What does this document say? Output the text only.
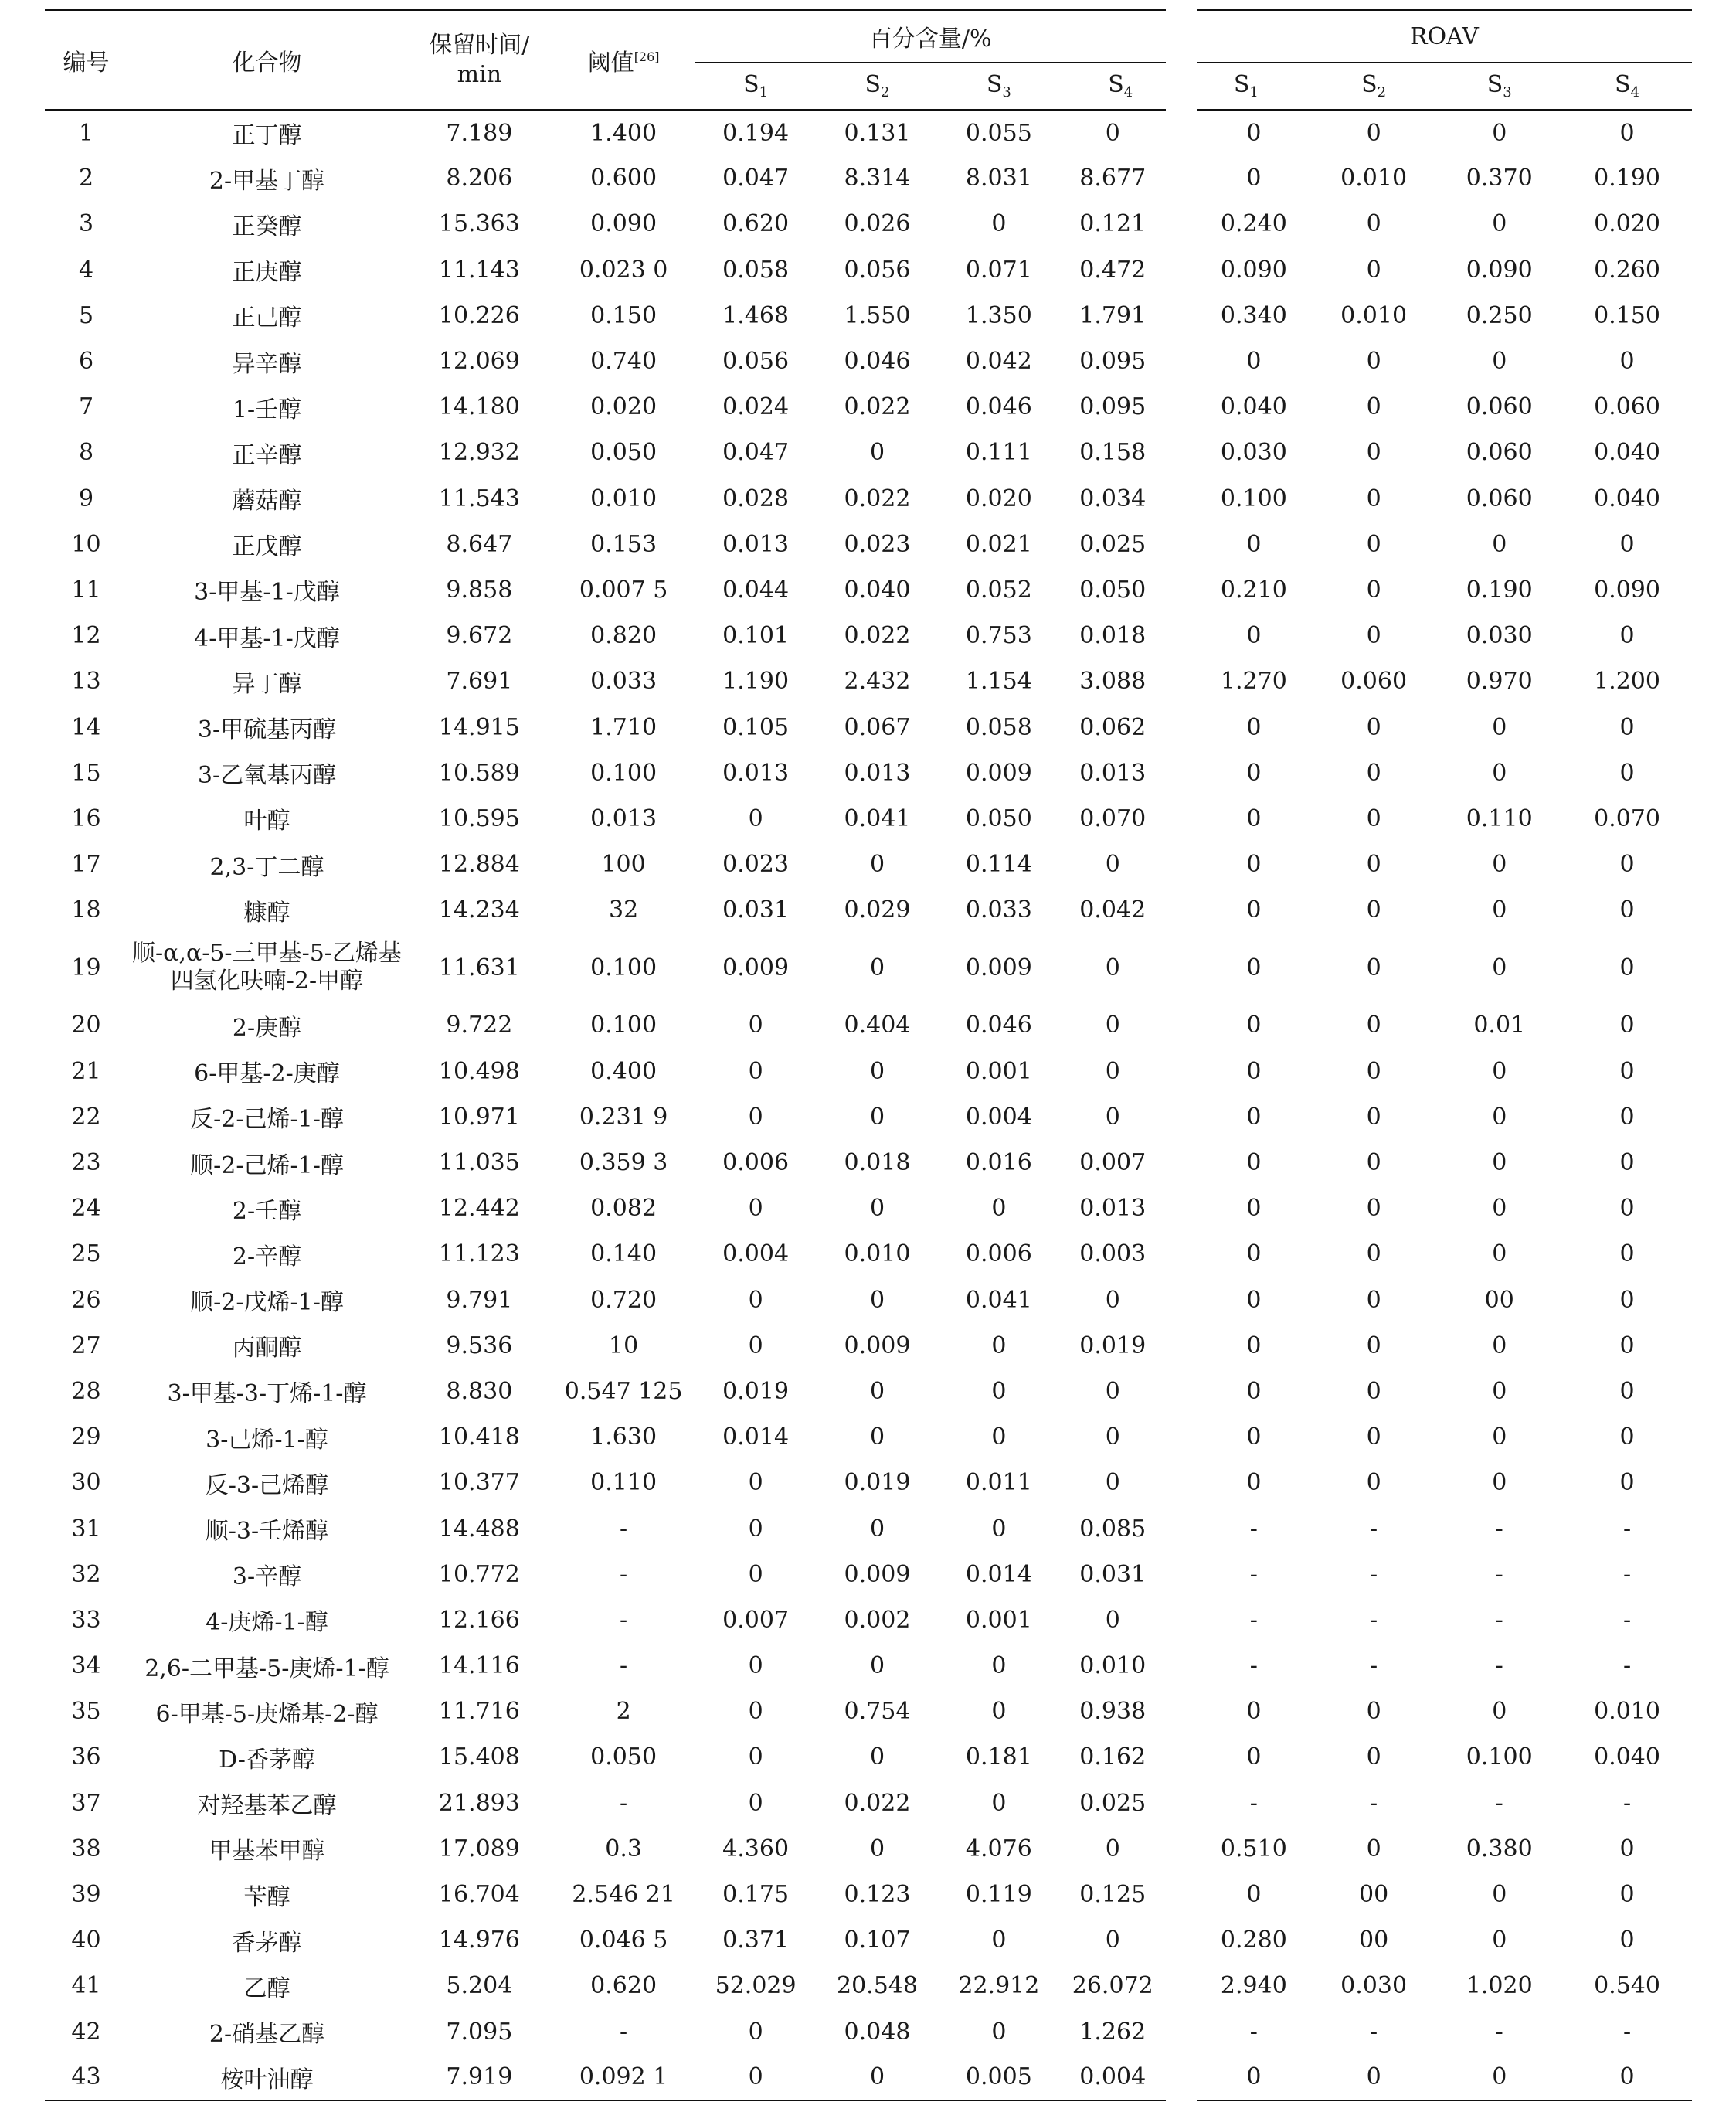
编号	化合物	保留时间/
min	阈值[26]	百分含量/%				ROAV			
				$S_1$	$S_2$	$S_3$	$S_4$	$S_1$	$S_2$	$S_3$	$S_4$
1	正丁醇	7.189	1.400	0.194	0.131	0.055	0	0	0	0	0
2	2-甲基丁醇	8.206	0.600	0.047	8.314	8.031	8.677	0	0.010	0.370	0.190
3	正癸醇	15.363	0.090	0.620	0.026	0	0.121	0.240	0	0	0.020
4	正庚醇	11.143	0.023 0	0.058	0.056	0.071	0.472	0.090	0	0.090	0.260
5	正己醇	10.226	0.150	1.468	1.550	1.350	1.791	0.340	0.010	0.250	0.150
6	异辛醇	12.069	0.740	0.056	0.046	0.042	0.095	0	0	0	0
7	1-壬醇	14.180	0.020	0.024	0.022	0.046	0.095	0.040	0	0.060	0.060
8	正辛醇	12.932	0.050	0.047	0	0.111	0.158	0.030	0	0.060	0.040
9	蘑菇醇	11.543	0.010	0.028	0.022	0.020	0.034	0.100	0	0.060	0.040
10	正戊醇	8.647	0.153	0.013	0.023	0.021	0.025	0	0	0	0
11	3-甲基-1-戊醇	9.858	0.007 5	0.044	0.040	0.052	0.050	0.210	0	0.190	0.090
12	4-甲基-1-戊醇	9.672	0.820	0.101	0.022	0.753	0.018	0	0	0.030	0
13	异丁醇	7.691	0.033	1.190	2.432	1.154	3.088	1.270	0.060	0.970	1.200
14	3-甲硫基丙醇	14.915	1.710	0.105	0.067	0.058	0.062	0	0	0	0
15	3-乙氧基丙醇	10.589	0.100	0.013	0.013	0.009	0.013	0	0	0	0
16	叶醇	10.595	0.013	0	0.041	0.050	0.070	0	0	0.110	0.070
17	2,3-丁二醇	12.884	100	0.023	0	0.114	0	0	0	0	0
18	糠醇	14.234	32	0.031	0.029	0.033	0.042	0	0	0	0
19	顺-α,α-5-三甲基-5-乙烯基
四氢化呋喃-2-甲醇	11.631	0.100	0.009	0	0.009	0	0	0	0	0
20	2-庚醇	9.722	0.100	0	0.404	0.046	0	0	0	0.01	0
21	6-甲基-2-庚醇	10.498	0.400	0	0	0.001	0	0	0	0	0
22	反-2-己烯-1-醇	10.971	0.231 9	0	0	0.004	0	0	0	0	0
23	顺-2-己烯-1-醇	11.035	0.359 3	0.006	0.018	0.016	0.007	0	0	0	0
24	2-壬醇	12.442	0.082	0	0	0	0.013	0	0	0	0
25	2-辛醇	11.123	0.140	0.004	0.010	0.006	0.003	0	0	0	0
26	顺-2-戊烯-1-醇	9.791	0.720	0	0	0.041	0	0	0	00	0
27	丙酮醇	9.536	10	0	0.009	0	0.019	0	0	0	0
28	3-甲基-3-丁烯-1-醇	8.830	0.547 125	0.019	0	0	0	0	0	0	0
29	3-己烯-1-醇	10.418	1.630	0.014	0	0	0	0	0	0	0
30	反-3-己烯醇	10.377	0.110	0	0.019	0.011	0	0	0	0	0
31	顺-3-壬烯醇	14.488	-	0	0	0	0.085	-	-	-	-
32	3-辛醇	10.772	-	0	0.009	0.014	0.031	-	-	-	-
33	4-庚烯-1-醇	12.166	-	0.007	0.002	0.001	0	-	-	-	-
34	2,6-二甲基-5-庚烯-1-醇	14.116	-	0	0	0	0.010	-	-	-	-
35	6-甲基-5-庚烯基-2-醇	11.716	2	0	0.754	0	0.938	0	0	0	0.010
36	D-香茅醇	15.408	0.050	0	0	0.181	0.162	0	0	0.100	0.040
37	对羟基苯乙醇	21.893	-	0	0.022	0	0.025	-	-	-	-
38	甲基苯甲醇	17.089	0.3	4.360	0	4.076	0	0.510	0	0.380	0
39	苄醇	16.704	2.546 21	0.175	0.123	0.119	0.125	0	00	0	0
40	香茅醇	14.976	0.046 5	0.371	0.107	0	0	0.280	00	0	0
41	乙醇	5.204	0.620	52.029	20.548	22.912	26.072	2.940	0.030	1.020	0.540
42	2-硝基乙醇	7.095	-	0	0.048	0	1.262	-	-	-	-
43	桉叶油醇	7.919	0.092 1	0	0	0.005	0.004	0	0	0	0
